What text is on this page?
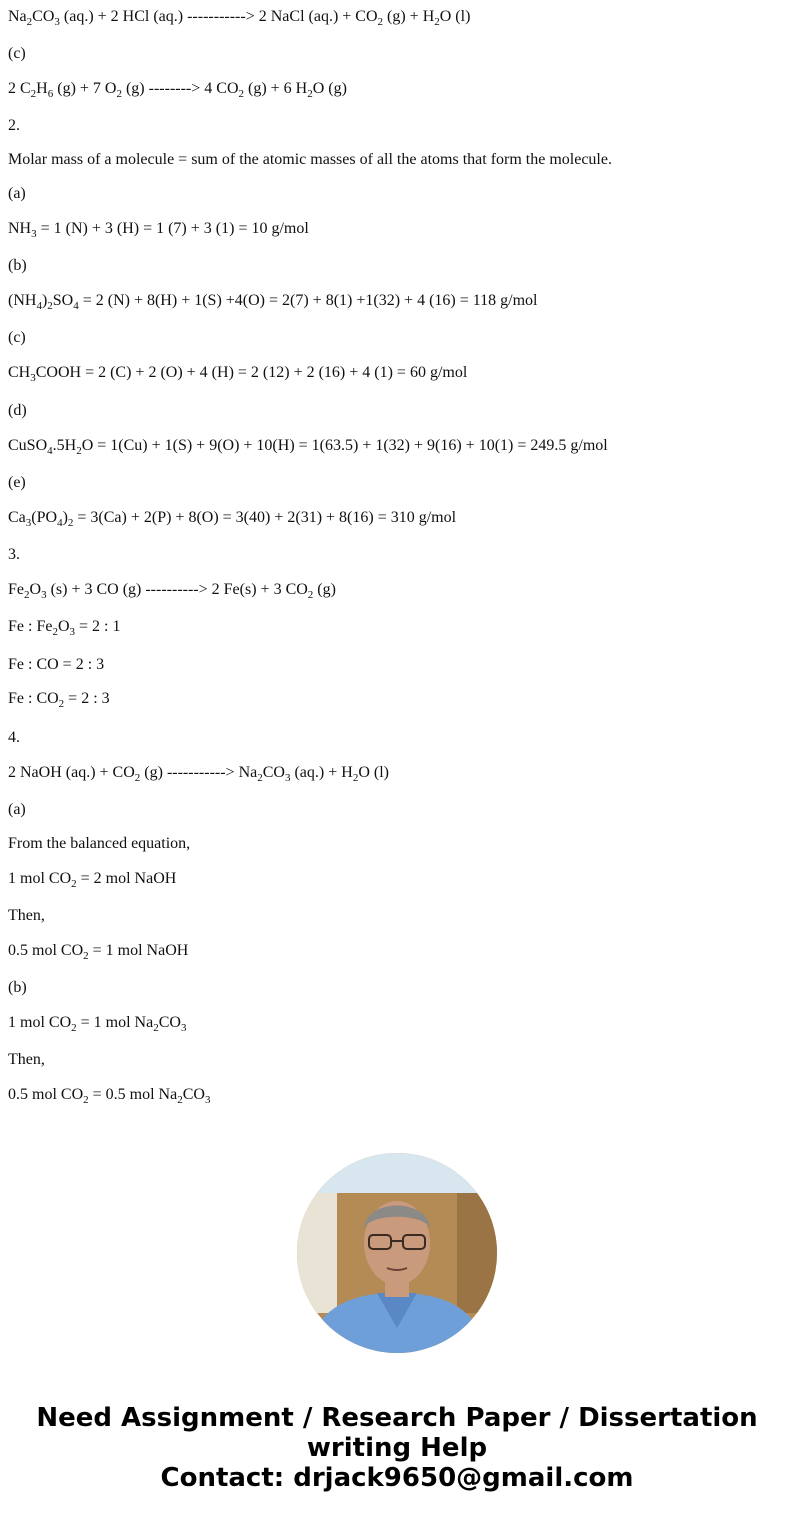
$Na_2CO_3$ (aq.) + 2 HCl (aq.) -----------> 2 NaCl $(aq.) + CO_2$ $(g) + H_2O$ (l)
(c)
2 $C_2H_6$ (g) + 7 $O_2$ (g) --------> 4 $CO_2$ (g) + 6 $H_2O$ (g)
2.
Molar mass of a molecule = sum of the atomic masses of all the atoms that form the molecule.
(a)
$NH_3 = 1$ (N) + 3 (H) = 1 (7) + 3 (1) = 10 g/mol
(b)
$(NH_4)_2SO_4 = 2$ (N) + 8(H) + 1(S) +4(O) = 2(7) + 8(1) +1(32) + 4 (16) = 118 g/mol
(c)
$CH_3COOH = 2$ (C) + 2 (O) + 4 (H) = 2 (12) + 2 (16) + 4 (1) = 60 g/mol
(d)
$CuSO_4.5H_2O = 1(Cu) + 1(S) + 9(O) + 10(H) = 1(63.5) + 1(32) + 9(16) + 10(1) = 249.5$ g/mol
(e)
$Ca_3(PO_4)_2 = 3(Ca) + 2(P) + 8(O) = 3(40) + 2(31) + 8(16) = 310$ g/mol
3.
$Fe_2O_3$ (s) + 3 CO (g) ----------> 2 Fe(s) + 3 $CO_2$ (g)
Fe : $Fe_2O_3 = 2$ : 1
Fe : CO = 2 : 3
Fe : $CO_2 = 2$ : 3
4.
2 NaOH $(aq.) + CO_2$ (g) -----------> $Na_2CO_3$ $(aq.) + H_2O$ (l)
(a)
From the balanced equation,
1 mol $CO_2 = 2$ mol NaOH
Then,
0.5 mol $CO_2 = 1$ mol NaOH
(b)
1 mol $CO_2 = 1$ mol $Na_2CO_3$
Then,
0.5 mol $CO_2 = 0.5$ mol $Na_2CO_3$
Need Assignment / Research Paper / Dissertation
writing Help
Contact: drjack9650@gmail.com
